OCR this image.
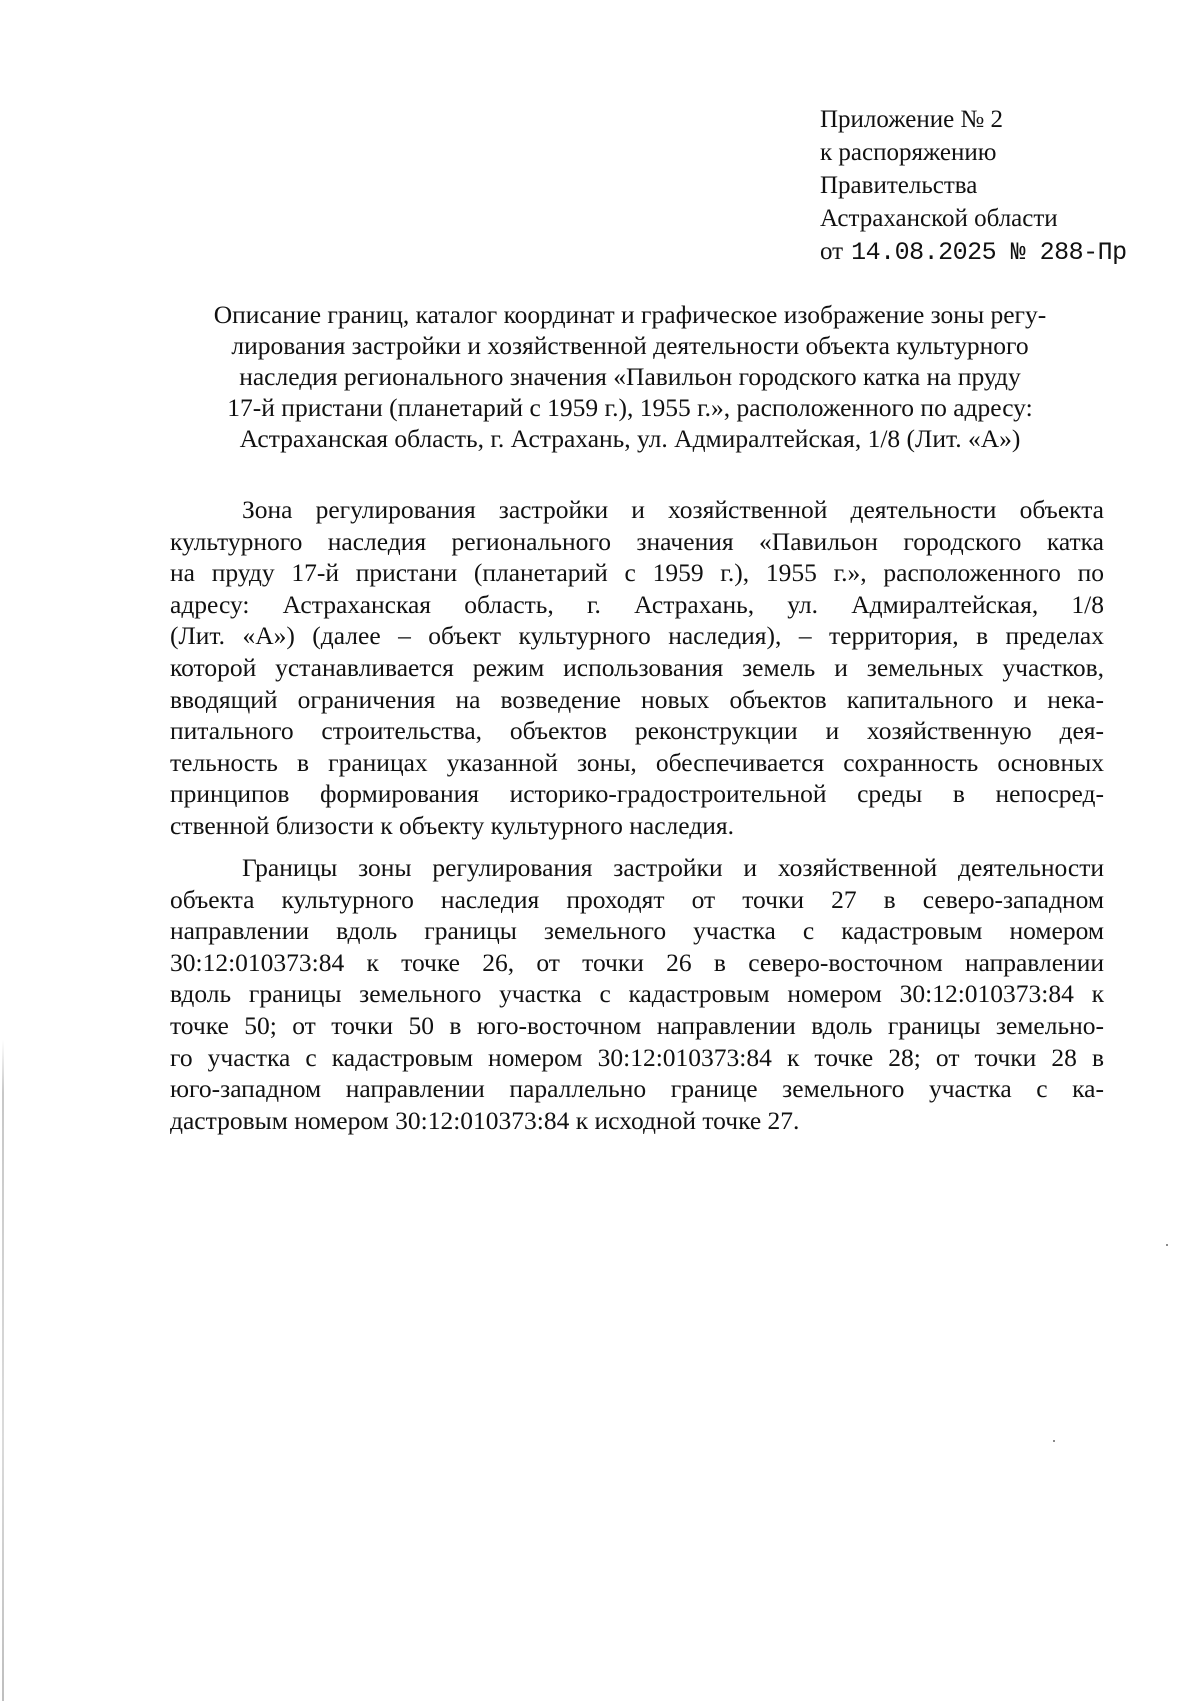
Приложение № 2
к распоряжению
Правительства
Астраханской области
от 14.08.2025 № 288-Пр
Описание границ, каталог координат и графическое изображение зоны регу-
лирования застройки и хозяйственной деятельности объекта культурного
наследия регионального значения «Павильон городского катка на пруду
17-й пристани (планетарий с 1959 г.), 1955 г.», расположенного по адресу:
Астраханская область, г. Астрахань, ул. Адмиралтейская, 1/8 (Лит. «А»)
Зона регулирования застройки и хозяйственной деятельности объекта
культурного наследия регионального значения «Павильон городского катка
на пруду 17-й пристани (планетарий с 1959 г.), 1955 г.», расположенного по
адресу: Астраханская область, г. Астрахань, ул. Адмиралтейская, 1/8
(Лит. «А») (далее – объект культурного наследия), – территория, в пределах
которой устанавливается режим использования земель и земельных участков,
вводящий ограничения на возведение новых объектов капитального и нека-
питального строительства, объектов реконструкции и хозяйственную дея-
тельность в границах указанной зоны, обеспечивается сохранность основных
принципов формирования историко-градостроительной среды в непосред-
ственной близости к объекту культурного наследия.
Границы зоны регулирования застройки и хозяйственной деятельности
объекта культурного наследия проходят от точки 27 в северо-западном
направлении вдоль границы земельного участка с кадастровым номером
30:12:010373:84 к точке 26, от точки 26 в северо-восточном направлении
вдоль границы земельного участка с кадастровым номером 30:12:010373:84 к
точке 50; от точки 50 в юго-восточном направлении вдоль границы земельно-
го участка с кадастровым номером 30:12:010373:84 к точке 28; от точки 28 в
юго-западном направлении параллельно границе земельного участка с ка-
дастровым номером 30:12:010373:84 к исходной точке 27.
